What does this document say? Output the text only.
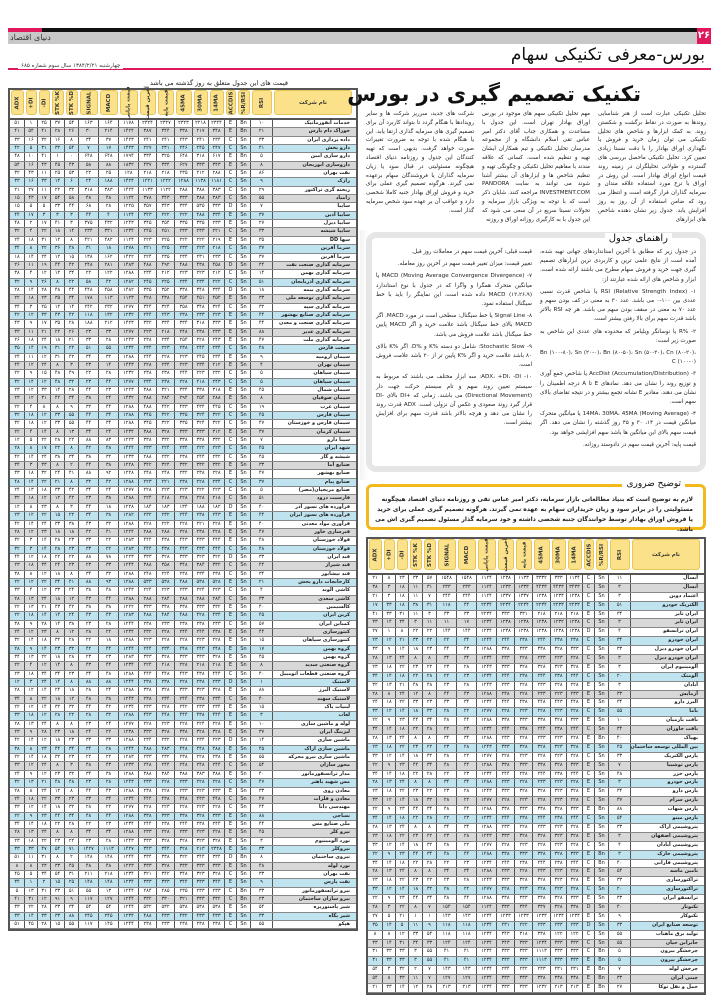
۲۶
دنیای اقتصاد
بورس-معرفی تکنیکی سهام
چهارشنبه ۱۳۸۴/۲/۲۱ سال سوم شماره ۶۸۵
قیمت های این جدول متعلق به روز گذشته می باشد
ADX +DI -DI STK %K STK %D SIGNAL	MACD	قیمت پایانی آخرین قیمت قیمت پایه 45MA 30MA 14MA ACCDIS %R/RSI RSI	نام شرکت
۵۱	۱	۲۵	۳۷	۵۴	۱۶۳	۱۶۴	۱۱۷۸	۲۳۲۴	۲۳۲۷	۲۳۲۳	۲۲۱۸	۲۳۲۴	E	Bn	۱۰	خدمات آنفورماتیک
۴۱	۵۴	۴۱	۲۸	۲۶	۳۰	۲۱۴	۱۴۲۴	۳۸۷	۳۴۴	۳۳۸	۲۱۷	۳۴۸	E	Bn	۲۱	خوراک دام پارس
۳۳	۱۶	۳۲	۱۶	۸	۳۴	۳۷	۱۴۲۳	۲۴۱	۲۴۱	۲۴۳	۲۴۱	۲۳۴	C	Sn	۳۳	داده پردازی ایران
۴۲	۵	۳۱	۳۲	۵۴	۷	۱۷	۱۴۲۳	۲۲۷	۲۳۱	۲۴۶	۲۴۵	۲۴۷	C	Sn	۴۱	دارو پخش
۴۸	۱۰	۴۱	۱	۰	۶۴۸	۶۴۸	۱۷۹۴	۳۳۴	۳۲۵	۶۴۸	۳۱۸	۶۱۷	E	Bn	۵	دارو سازی امین
۵۴	۱۶	۴۳	۴۵	۴۳	۵۸	۸۸	۱۸۳۲	۴۳۷	۳۳۴	۶۲۷	۳۳۳	۳۴۳	E	Sn	۸	داروسازی ابوریحان
۳۲	۴۳	۱۱	۲۵	۵۳	۲۲	۲۵	۱۲۸	۲۱۸	۲۱۸	۲۳۵	۲۱۲	۲۸۸	C	Sn	۸۶	نفت بهران
۳۳	۱۶	۳۳	۱۴	۶	۲۴	۱۸۸	۱۴۲۴	۱۲۲۱	۱۲۲۲	۱۲۸۸	۱۱۳۸	۱۱۸۱	C	Sn	۹	رازک
۲۱	۲۷	۱۱	۲۲	۳۲	۳۱۸	۳۸۳	۱۴۲۴	۱۱۳۳	۱۱۲۲	۲۸۸	۳۸۸	۳۸۳	C	Sn	۲۹	ریخته گری تراکتور
۱۵	۴۳	۱۷	۵۴	۵۸	۴۸	۴۸	۱۱۲۴	۳۷۸	۳۴۳	۳۳۳	۳۸۸	۳۸۳	C	Sn	۵۵	زامیاد
۱۵	۵	۵	۳۳	۴۴	۶۸	۲۸	۱۲۲۵	۳۵۷	۳۴۳	۳۳۴	۵۳۵	۳۳۳	D	Sn	۷	سایپا
۴۴	۱۷	۳	۳	۳	۴۴	۴	۱۱۲۴	۳۴۳	۲۲۲	۲۲۲	۴۸۸	۳۳۴	E	Sn	۳۷	سایپا آذین
۴۸	۲	۱۷	۴۱	۳	۳۷۵	۴۳۲	۱۲۴۳	۳۴۵	۳۵۴	۳۳۵	۳۳۵	۲۳۳	E	Sn	۲۷	سایپا دیزل
۳۲	۴	۲۲	۱۸	۱۴	۲۳۴	۳۳۱	۱۲۳۴	۲۴۵	۲۵۱	۲۳۳	۲۳۳	۲۲۱	C	Sn	۳۳	سایپا شیشه
۲۴	۱۸	۳۱	۱۲	۸	۴۲۱	۴۸۲	۱۱۲۴	۲۲۳	۲۲۵	۲۲۲	۲۲۲	۲۱۹	E	Sn	۳۵	سها DD
۳۴	۸	۲۲	۳۶	۴۸	۳۱	۱۸	۱۲۷۸	۲۲۱	۲۲۵	۲۳۳	۲۲۳	۲۱۸	C	Sn	۳۷	سرما آفرین
۱۸	۱۴	۲۴	۱۲	۱۵	۱۳۸	۱۶۲	۱۴۲۲	۲۲۴	۲۳۵	۲۳۴	۲۳۱	۲۳۳	C	Sn	۳۷	سرما آفرین
۲۶	۱۱	۱۹	۴۴	۴۲	۲۴۸	۲۸۱	۱۴۸۳	۴۸۸	۴۹۲	۴۸۸	۴۳۸	۴۵۸	D	Sn	۴۴	سرمایه گذاری صنعت نفت
۳۸	۴	۱۲	۱۲	۳۴	۲۲	۱۲۲	۱۲۸۸	۲۳۴	۲۱۲	۲۲۳	۲۲۳	۲۱۲	C	Sn	۱۴	سرمایه گذاری بهمن
۳۲	۹	۲۶	۸	۲۲	۵۸	۴۲	۱۲۸۲	۲۴۵	۲۲۵	۲۳۴	۲۳۴	۲۲۲	C	Sn	۵۱	سرمایه گذاری آذربایجان
۲۸	۱۴	۲۸	۴۸	۴۴	۴۴۸	۴۵۸	۱۴۸۲	۳۳۵	۳۵۲	۳۳۸	۳۴۸	۳۳۴	D	Sn	۱۸	سرمایه گذاری بیمه
۲۲	۱۸	۲۳	۳۵	۳۴	۱۷۸	۱۱۳	۱۱۲۳	۴۲۸	۴۳۸	۴۵۴	۴۵۱	۴۵۴	E	Sn	۳۳	سرمایه گذاری توسعه ملی
۳۴	۳	۲۵	۱۲	۱۴	۲۴۲	۲۳۲	۱۲۷۷	۳۴۴	۳۲۴	۳۵۸	۳۴۸	۳۲۴	C	Sn	۳۲	سرمایه گذاری سپه
۴۲	۱۲	۳۳	۴۳	۴۲	۱۱۸	۱۳۲	۱۲۳۲	۲۴۴	۲۴۳	۲۳۸	۲۳۳	۲۲۳	E	Sn	۴۴	سرمایه گذاری صنایع بهشهر
۴۳	۹	۱۷	۳۵	۲۸	۱۸۸	۲۱۲	۱۴۲۳	۳۳۲	۳۳۴	۳۳۴	۳۱۸	۳۳۳	E	Sn	۴۴	سرمایه گذاری صنعت و معدن
۳۳	۱۱	۲۱	۲۲	۲۶	۲۳	۳۳	۱۲۷۷	۲۲۳	۲۱۸	۲۴۸	۲۳۸	۲۳۳	E	Sn	۸۸	سرمایه گذاری غدیر
۲۶	۱۸	۲۴	۱۸	۲۱	۳۳	۲۸	۱۲۴۳	۲۳۸	۲۳۴	۲۵۴	۲۲۸	۲۴۳	E	Sn	۴۷	سرمایه گذاری ملت
۳۵	۱۴	۱۹	۳۱	۲۲	۵۱	۵۵	۱۲۳۴	۲۳۴	۲۲۳	۲۳۸	۲۴۴	۲۳۴	C	Sn	۴۸	صنعت فارس
۲۴	۱۱	۱۲	۳۱	۴۲	۳۴	۳۲	۱۲۸۸	۲۴۴	۲۲۸	۲۲۳	۲۴۵	۲۳۴	E	Sn	۹	سیمان ارومیه
۴۴	۱۲	۲۴	۸	۳	۲۳	۱۴	۱۴۴۳	۲۲۸	۲۳۴	۲۲۳	۲۳۴	۲۱۲	E	Sn	۴	سیمان تهران
۲۲	۹	۱۵	۴۸	۴۹	۲۲	۲۸	۱۲۳۲	۲۳۸	۲۳۸	۲۴۴	۲۲۳	۲۳۲	C	Sn	۵	سیمان سپاهان
۳۲	۱۴	۱۲	۴۸	۳۲	۲۳	۴۴	۱۲۷۷	۲۳۴	۲۳۸	۲۲۸	۲۱۸	۲۴۳	C	Sn	۵	سیمان سپاهان
۲۳	۱۲	۳۳	۱۴	۲۸	۴۴	۲۳	۱۲۲۳	۳۸۸	۳۲۱	۳۳۴	۳۳۸	۳۱۸	E	Sn	۴۵	سیمان شمال
۲۳	۱۲	۳۱	۴۲	۳۴	۳۸	۲۴	۱۴۳۲	۲۸۸	۲۸۴	۲۹۴	۲۵۴	۲۸۸	E	Sn	۸	سیمان صوفیان
۲۲	۴	۸	۸	۹	۳۲	۴۴	۱۲۸۸	۴۸۸	۴۴۲	۴۳۳	۴۳۴	۴۴۵	C	Sn	۱۹	سیمان غرب
۳۲	۱۸	۱۲	۳۳	۵۵	۴۴	۳۴	۱۲۸۸	۳۴۵	۳۲۲	۳۳۵	۳۲۴	۳۲۲	C	Sn	۴۵	سیمان فارس
۳۲	۱۸	۱۲	۳۳	۵۵	۴۴	۳۴	۱۲۸۸	۳۴۵	۳۲۲	۳۳۵	۳۲۴	۳۲۲	C	Sn	۴۷	سیمان فارس و خوزستان
۲۲	۴	۱۴	۸	۱۳	۳۴	۲۴	۱۲۳۴	۳۸۸	۳۲۸	۳۳۳	۳۳۳	۳۱۲	E	Sn	۳۷	سیمان کرمان
۱۲	۵	۲۲	۲۸	۲۲	۸۸	۸۳	۱۲۲۳	۳۳۸	۳۳۲	۳۳۸	۳۳۸	۳۳۲	C	Sn	۷	سینا دارو
۲۸	۸	۱۷	۲۲	۸	۴۲	۴۸	۱۴۲۴	۲۳۳	۲۲۴	۲۳۴	۲۲۲	۲۲۳	C	Sn	۴۵	شهد ایران
۴۲	۱۴	۲۴	۳۸	۳۴	۳۸	۳۲	۱۲۳۳	۲۸۸	۲۳۲	۲۳۸	۲۴۴	۲۳۲	C	Sn	۴۵	شیشه و گاز
۳۴	۳	۳۳	۸	۲	۴۴	۳۸	۱۲۲۸	۳۴۲	۳۲۴	۳۳۲	۳۳۲	۳۳۲	E	Sn	۳۳	صنایع آما
۳۳	۱۸	۳۲	۲۴	۴۱	۸۸	۹۲	۱۲۲۸	۲۴۸	۲۴۸	۲۳۲	۲۳۸	۲۲۸	E	Sn	۴۷	صنایع بهشهر
۴۸	۱۴	۲۲	۲۱	۸	۳۲	۴۲	۱۲۸۸	۲۲۳	۲۲۱	۲۳۸	۲۲۸	۲۳۴	C	Sn	۳۷	صنایع پیام
۲۴	۱۳	۱۸	۳۳	۴۲	۳۴	۲۴	۱۲۷۷	۲۲۸	۲۲۳	۲۲۳	۲۲۲	۲۲۳	C	Sn	۵	صنایع مریخیان(مصر)
۳۲	۱۸	۱۲	۱۲	۴۲	۲۳	۳۸	۱۲۸۸	۲۲۴	۲۱۸	۲۲۸	۲۲۸	۲۱۸	C	Sn	۵۱	فارسیت درود
۱۲	۸	۲۳	۸	۳	۴۴	۱۸	۱۲۲۸	۱۸۴	۱۸۳	۱۳۴	۱۸۸	۱۸۲	D	Sn	۴۰	فرآورده های نسوز آذر
۲۳	۱۲	۲۲	۱۵	۲۲	۳۴	۳۸	۱۲۸۲	۲۳۲	۲۳۲	۲۴۴	۲۳۸	۲۴۳	E	Sn	۴۴	فرآورده های نسوز ایران
۴۲	۱۴	۲۴	۳۳	۳۸	۴۳	۳۲	۱۲۸۸	۲۲۸	۲۲۲	۲۲۸	۲۲۱	۲۲۸	E	Sn	۴۰	فرآوری مواد معدنی
۲۸	۱۲	۲۳	۱۸	۱۸	۴۲	۴۱	۱۲۲۴	۲۸۸	۲۸۸	۲۲۸	۲۳۸	۲۲۸	E	Sn	۴۷	فنرسازی خاور
۳۲	۳	۱۴	۲۸	۲۳	۳۳	۲۲	۱۲۸۳	۴۴۴	۴۳۸	۴۴۳	۴۳۳	۴۴۴	E	Sn	۴۸	فولاد خوزستان
۳۲	۳	۱۴	۲۸	۲۳	۳۳	۲۲	۱۲۸۳	۴۴۴	۴۳۸	۴۴۳	۴۳۳	۴۴۴	C	Sn	۴۸	فولاد خوزستان
۴۴	۱۲	۱۸	۲۲	۲۲	۸۸	۷۸	۱۲۲۳	۳۳۳	۳۲۸	۳۳۳	۳۲۳	۳۲۲	D	Sn	۳۳	قند ایران
۲۳	۱۸	۳۴	۲۴	۲۳	۲۳	۳۳	۱۲۴۴	۳۸۸	۳۵۸	۳۴۸	۳۸۴	۳۳۲	C	Sn	۴۴	قند شیراز
۳۸	۸	۱۲	۱۸	۸	۳۴	۳۲	۱۲۸۸	۲۴۸	۲۲۴	۲۳۸	۲۳۴	۲۳۸	C	Sn	۳۴	قند نیشابور
۲۲	۱۲	۲۲	۳۴	۴۱	۸۸	۹۳	۱۲۸۸	۵۳۳	۵۳۸	۴۸۸	۵۳۸	۵۲۸	E	Sn	۲۱	کارخانجات دارو پخش
۳۳	۴	۱۲	۳۳	۲۴	۳۸	۴۸	۱۲۴۳	۲۲۴	۲۲۳	۲۳۳	۲۲۴	۲۲۳	C	Sn	۴	کاشی الوند
۲۸	۱۳	۲۴	۱۸	۱۲	۴۳	۴۴	۱۲۸۸	۲۸۸	۲۸۴	۲۸۸	۲۸۸	۲۸۴	C	Sn	۳۳	کاشی سعدی
۲۲	۱۳	۲۱	۴۳	۴۲	۳۸	۳۸	۱۲۲۲	۳۳۳	۳۳۸	۳۳۸	۳۳۳	۳۳۲	E	Sn	۴۰	کالسیمین
۲۲	۱۸	۱۴	۱۴	۲۴	۴۳	۴۳	۱۲۸۳	۴۸۸	۴۸۴	۴۸۸	۴۲۸	۴۳۴	E	Sn	۴۵	کربن ایران
۳۸	۹	۲۸	۱۴	۳۸	۲۳	۲۸	۱۲۴۴	۲۳۸	۲۳۳	۲۳۸	۲۳۸	۲۳۳	C	Sn	۵۷	کمباین ایران
۲۴	۱۲	۲۳	۸	۱۲	۲۸	۲۲	۱۲۳۴	۲۳۲	۲۲۸	۲۴۴	۲۴۴	۲۳۸	E	Sn	۴۴	کنتورسازی
۳۲	۱۴	۱۸	۳۲	۲۸	۲۲	۱۸	۱۲۸۸	۲۲۳	۲۲۸	۲۲۸	۲۲۳	۲۲۸	E	Sn	۱۵	کنتورسازی سپاهان
۲۸	۹	۱۴	۲۳	۳۲	۴۲	۴۴	۱۲۴۴	۲۴۴	۲۳۴	۲۴۸	۲۴۳	۲۴۸	E	Sn	۱۷	گروه بهمن
۳۴	۱۳	۲۲	۱۸	۲۸	۲۳	۲۳	۱۲۸۳	۳۳۳	۳۲۸	۳۳۳	۳۳۳	۳۲۸	E	Sn	۴۵	گروه بهمن
۲۲	۴	۱۲	۱۴	۸	۴۳	۴۴	۱۲۳۴	۲۲۴	۲۱۸	۲۲۸	۲۱۸	۲۱۸	E	Sn	۸	گروه صنعتی سدید
۲۳	۱۸	۳۴	۳۴	۲۳	۳۴	۴۸	۱۲۸۸	۴۴۴	۴۴۸	۴۴۳	۴۳۸	۴۴۴	C	Sn	۴۰	گروه صنعتی قطعات اتومبیل
۱۲	۳	۲۴	۱۴	۸	۸۸	۸۸	۱۲۴۴	۲۳۸	۲۳۸	۲۲۸	۲۳۸	۲۳۳	D	Sn	۱	لاستیک
۲۸	۱۲	۱۴	۲۴	۱۸	۲۸	۲۴	۱۲۸۸	۳۳۸	۳۲۸	۳۳۳	۳۲۳	۳۲۸	E	Sn	۸۸	لاستیک البرز
۳۴	۸	۲۲	۱۸	۱۲	۴۸	۳۸	۱۲۴۳	۲۳۸	۲۳۴	۲۴۴	۲۳۸	۲۳۴	C	Sn	۴۰	لاستیک سهند
۲۲	۱۲	۱۴	۳۲	۳۲	۴۴	۴۲	۱۲۳۴	۲۳۳	۲۲۸	۲۴۲	۲۳۳	۲۳۴	E	Sn	۱۵	لبنیات پاک
۳۳	۱۸	۱۲	۲۸	۲۲	۲۸	۳۲	۱۲۸۸	۴۴۳	۴۴۸	۴۴۴	۴۳۸	۴۴۴	E	Sn	۳	لعاب
۲۸	۱۳	۲۴	۸	۸	۲۳	۲۴	۱۲۷۷	۲۲۸	۲۲۳	۲۲۸	۲۲۴	۲۲۸	E	Sn	۱۰	لوله و ماشین سازی
۲۳	۹	۲۸	۲۳	۱۸	۲۴	۲۲	۱۲۳۸	۳۳۳	۳۲۸	۳۳۸	۳۲۸	۳۲۸	E	Sn	۳۷	لیزینگ ایران
۴۲	۱۴	۱۲	۱۸	۲۳	۳۳	۳۳	۱۲۸۸	۲۳۴	۲۳۲	۲۲۸	۲۳۴	۲۲۳	D	Sn	۱۴	ماشین سازی
۳۸	۸	۲۳	۴۴	۳۴	۳۴	۲۸	۱۲۴۴	۴۸۸	۴۸۳	۴۴۸	۴۴۸	۴۸۸	E	Sn	۴۵	ماشین سازی اراک
۲۲	۱۴	۱۸	۳۲	۲۳	۲۲	۲۲	۱۲۸۳	۲۳۳	۲۳۲	۲۳۸	۲۲۸	۲۳۸	E	Sn	۵۵	ماشین سازی نیرو محرکه
۳۳	۱۲	۲۴	۸	۳	۴۸	۴۳	۱۲۳۳	۲۴۸	۲۴۴	۲۴۸	۲۴۸	۲۴۴	C	Sn	۵۴	محور سازان
۲۴	۹	۱۲	۲۳	۳۲	۳۴	۳۸	۱۲۸۸	۳۸۸	۳۸۴	۳۸۸	۳۸۳	۳۸۸	E	Sn	۴۰	مدار ترانسفورماتور
۳۲	۱۳	۲۱	۴۸	۴۸	۲۳	۲۸	۱۲۴۳	۲۳۳	۲۲۸	۲۳۳	۲۲۸	۲۲۸	C	Sn	۴۷	مس شهید باهنر
۲۸	۸	۲۴	۱۲	۸	۴۴	۴۳	۱۲۸۸	۲۳۸	۲۲۸	۲۳۳	۲۲۳	۲۳۳	E	Sn	۳۳	معادن روی
۲۴	۱۸	۲۲	۳۳	۲۳	۳۳	۳۴	۱۲۳۴	۴۴۴	۴۳۸	۴۴۸	۴۴۳	۴۴۸	C	Sn	۴۷	معادن و فلزات
۳۳	۱۲	۱۴	۱۸	۳۲	۲۸	۲۲	۱۲۷۷	۲۲۸	۲۲۳	۲۲۸	۲۲۳	۲۲۸	C	Sn	۴۴	مهندسی دانا
۲۲	۹	۲۳	۴۴	۳۴	۴۸	۴۴	۱۲۸۸	۳۳۸	۳۳۳	۳۳۸	۳۲۸	۳۳۳	E	Sn	۸۸	نساجی
۳۴	۱۴	۱۸	۲۲	۲۸	۲۲	۲۳	۱۲۳۴	۲۴۴	۲۳۸	۲۴۴	۲۳۸	۲۴۴	E	Sn	۴۴	ملی صنایع مس
۲۸	۱۳	۲۴	۸	۸	۳۴	۳۴	۱۲۸۸	۲۳۳	۲۲۸	۲۳۳	۲۲۳	۲۲۸	E	Sn	۴۵	نیرو کلر
۲۳	۱۸	۲۲	۲۳	۲۲	۲۳	۲۸	۱۲۴۳	۳۳۳	۳۲۸	۳۲۸	۳۲۳	۳۲۸	E	Sn	۳	نورد الومینیوم
۳۳	۳۳	۴۷	۵۴	۷۱	۱۴۲۷	۱۱۱۳	۱۴۲۷	۳۴۳	۳۴۴	۳۲۸	۲۱۳	۲۳۲۸	E	Sn	۳۳	نیروکلر
۵۱	۱۱	۳۱	۸	۲	۱۴۸	۱۴۸	۱۲۴۴	۳۳۴	۳۳۸	۳۲۲	۳۴۴	۳۳۴	D	Bn	۸	نیروی ساختمان
۸	۸	۲۳	۳۳	۴۵	۴۸	۴۸	۱۲۲۳	۳۳۳	۳۲۸	۳۳۳	۳۳۳	۳۳۳	E	Sn	۴۸	نورد لوله
۴۵	۵	۳۴	۵۴	۳۱	۲۱۱	۲۱۸	۱۲۳۴	۳۲۱	۳۴۲	۳۴۸	۳۲۳	۳۲۸	C	Sn	۳۳	نفت بهران
۳۴	۱	۲	۱۵	۲۵	۱۴۸	۱۴۸	۱۲۳۴	۳۳۳	۳۳۳	۳۴۴	۳۳۳	۳۴۴	E	Sn	۹	نفت پارس
۵	۱۳	۳۱	۳۳	۵۱	۵۵	۱۳	۱۲۴۴	۲۸۴	۲۸۵	۲۳۵	۲۳۳	۲۳۳	C	Bn	۳۳	نیرو ترانسفورماتور
۴۱	۳۱	۱۲	۹۱	۹	۱۱۷	۱۲۷	۱۲۴۴	۳۳۲	۳۳۰	۳۲۱	۳۳۳	۳۳۲	C	Bn	۲۳	نیرو سازان ساختمان
۳۳	۲۲	۲۸	۳۳	۳۴	۵۴	۵۴	۱۲۴۴	۵۳۲	۵۳۲	۵۳۸	۵۳۸	۵۳۸	E	Sn	۵۴	شیر پاستوریزه
۳۳	۱۴	۳۳	۳۳	۸۸	۲۴۵	۲۴۵	۱۲۳۴	۴۸۸	۴۳۳	۴۳۲	۴۳۳	۴۳۳	E	Sn	۳۳	شیر پگاه
۵۱	۴۵	۲۸	۱۵	۵۵	۱۱۷	۱۴۵	۱۲۴۴	۲۳۸	۲۳۳	۲۳۸	۲۳۸	۲۳۸	C	Sn	۵۵	هپکو
تکنیک تصمیم گیری در بورس
تحلیل تکنیکی عبارت است از هنر شناسایی روندها به صورت در نقاط برگشت و شکستن روند. به کمک ابزارها و شاخص های تحلیل تکنیکی می توان زمان خرید و فروش یا نگهداری اوراق بهادار را با دقت نسبتا زیادی تعیین کرد. تحلیل تکنیکی ماحصل بررسی های گسترده و طولانی تحلیلگران در زمینه روند قیمت انواع اوراق بهادار است. این روش در اوراق با نرخ مورد استفاده علاقه مندان و سرمایه گذاران قرار گرفته است و انتظار می رود که ضامن استفاده از آن روز به روز افزایش یابد. جدول زیر نشان دهنده شاخص های ابزارهای
مهم تحلیل تکنیکی سهم های موجود در بورس اوراق بهادار تهران است. این جدول با مساعدت و همکاری جناب آقای دکتر امیر عباس تقی اسلام دانشگاه و از مجموعه مدرسان تحلیل تکنیکی و تیم همکاران ایشان تهیه و تنظیم شده است. کسانی که علاقه مندند با مفاهیم تحلیل تکنیکی و چگونگی تهیه و تنظیم شاخص ها و ابزارهای آن بیشتر آشنا شوند می توانند به سایت PANDORA INVESTMENT.COM مراجعه کنند. شایان ذکر است که با توجه به ویژگی بازار سرمایه و تحولات نسبتا سریع در آن سعی می شود که این جدول با به کارگیری روزانه اوراق و روزنه
شرکت های جدید، سرریز شرکت ها و سایر رویدادها با هنگام گردد تا بتواند کاربرد آن برای تصمیم گیری های سرمایه گذاری ارتقا یابد. این یا هنگام شده با توجه به ضرورت تغییرات صورت خواهد گرفت. بدیهی است که تهیه کنندگان این جدول و روزنامه دنیای اقتصاد هیچگونه مسئولیتی در قبال سود یا زیان سرمایه گذاران یا فروشندگان سهام برعهده نمی گیرند. هرگونه تصمیم گیری عملی برای خرید و فروش اوراق بهادار جنبه کاملا شخصی دارد و عواقب آن بر عهده سود شخص سرمایه گذار است.
راهنمای جدول

در جدول زیر که مطابق با آخرین استانداردهای جهانی تهیه شده، آمده است از نتایج علمی ترین و کاربردی ترین ابزارهای تصمیم گیری جهت خرید و فروش سهام مطرح می باشند ارائه شده است. ابزار و شاخص های ارائه شده عبارتند از:

۱- RSI (Relative Strength Index) یا شاخص قدرت نسبی عددی بین ۱۰۰-۰ می باشد. عدد ۳۰ به معنی در کف بودن سهم و عدد ۷۰ به معنی در سقف بودن سهم می باشد. هر چه RSI بالاتر باشد قدرت سهم برای بالا رفتن بیشتر است.

۲- %R یا نوسانگر ویلیامز که محدوده های عددی این شاخص به صورت زیر است:

Bn (۱۰۰-۸۰)، Sn (۲۰-۰)، Bn (۸۰-۵۰)، Sn (۵۰-۲۰)، Cn (۸۰-۲۰)، C (۱۰۰-۰)

۳- AccDist (Accumulation/Distribution) یا شاخص جمع آوری و توزیع روند را نشان می دهد. نمادهای E تا A درجه اطمینان را نشان می دهند. مقادیر E نشانه تجمع بیشتر و در نتیجه تقاضای بالای سهم است.

۴- 14MA، 30MA، 45MA (Moving Average) یا میانگین متحرک میانگین قیمت در ۱۴، ۳۰ و ۴۵ روز گذشته را نشان می دهد. اگر قیمت سهم بالای این میانگین ها باشد سهم افزایشی خواهد بود.

قیمت پایه: آخرین قیمت سهم در دادوستد روزانه.

قیمت قبلی: آخرین قیمت سهم در معاملات روز قبل.

تغییر قیمت: میزان تغییر قیمت سهم در آخرین روز معامله.

۷- MACD (Moving Average Convergence Divergence) یا میانگین متحرک همگرا و واگرا که در جدول با نوع استاندارد (۱۲،۲۶،۹) MACD داده شده است. این نماینگر را باید با خط سیگنال استفاده نمود.

۸- Signal Line یا خط سیگنال: سطحی است در مورد MACD. اگر MACD بالای خط سیگنال باشد علامت خرید و اگر MACD پایین خط سیگنال باشد علامت فروش می باشد.

۹- Stochastic Slow: شامل دو دسته %K و %D. اگر %K بالای ۸۰ باشد علامت خرید و اگر %K پایین تر از ۲۰ باشد علامت فروش است.

۱۰- ADX، +DI، -DI: سه ابزار مختلف می باشند که مربوط به سیستم تعیین روند سهم و تام سیستم حرکت جهت دار (Directional Movement) می باشند. زمانی که +DI بالای -DI قرار گیرد روند صعودی و عکس آن نزولی است. ADX قدرت روند را نشان می دهد و هرچه بالاتر باشد قدرت سهم برای افزایش بیشتر است.

توضیح ضروری
لازم به توضیح است که بنیاد مطالعاتی بازار سرمایه، دکتر امیر عباس تقی و روزنامه دنیای اقتصاد هیچگونه مسئولیتی را در برابر سود و زیان خریداران سهام به عهده نمی گیرند. هرگونه تصمیم گیری عملی برای خرید یا فروش اوراق بهادار توسط خوانندگان جنبه شخصی داشته و خود سرمایه گذار مسئول تصمیم گیری اش می باشد.
ADX +DI -DI STK %K STK %D SIGNAL	MACD	قیمت پایانی آخرین قیمت قیمت پایه 45MA 30MA 14MA ACCDIS %R/RSI RSI	نام شرکت
۲۱	۸	۲۳	۳۳	۵۷	۱۵۴۸	۱۵۴۸	۱۱۲۴	۱۲۳۸	۱۱۳۳	۳۳۳۲	۳۳۳	۱۱۳۴	C	Sn	۱۱	آبسال
۳۸	۳	۱۸	۱۱	۳۱	۲۳۳	۲۳۳	۱۱۲۴	۱۲۳۳	۱۳۳۳	۴۴۳۳	۴۴۳۳	۳۴۳۳	C	Sn	۳	آبسال
۲۱	۳	۱۸	۱۱	۷	۲۴۴	۲۴۴	۱۱۲۴	۱۳۳۷	۱۳۳۷	۱۲۳۸	۱۲۳۳	۱۲۳۸	C	Sn	۳	اعتماد دوین
۱۷	۳۳	۱۸	۳۸	۳۱	۱۱۸	۴۴	۲۲۳۴	۲۲۳۴	۲۲۳۴	۲۲۳۴	۲۲۳۳	۲۲۳۳	E	Sn	۵۱	الکتریک خودرو
۴۱	۳۳	۳۱	۱۱	۳	۳۳	۳۳	۲۲۳۴	۳۳۳	۳۳۱	۲۱۸	۲۱۸	۲۱۸	E	Sn	۳۴	ایران تایر
۳۳	۱۴	۳۴	۳	۱۱	۱۱	۱۷	۱۲۳۴	۱۲۳۸	۱۲۳۸	۱۲۳۸	۱۲۳۲	۱۲۳۸	C	Sn	۳	ایران تایر
۲۷	۱	۸	۲۲	۲۲	۱۴۴	۱۴۴	۱۲۳۴	۱۲۳۸	۱۲۳۸	۱۲۳۸	۱۲۳۸	۱۲۳۸	D	Sn	۴	ایران ترانسفو
۲۳	۱۲	۲۱	۳۳	۲۲	۲۲	۳۴	۱۲۴۴	۲۴۴	۲۳۸	۲۴۴	۲۳۸	۲۳۸	C	Sn	۳۴	ایران خودرو
۳۳	۹	۱۴	۱۸	۲۳	۴۴	۴۳	۱۲۸۸	۳۳۸	۳۳۳	۳۳۸	۳۲۸	۳۳۳	C	Sn	۳۳	ایران خودرو دیزل
۲۸	۱۳	۲۴	۸	۸	۳۴	۳۴	۱۲۳۴	۲۳۳	۲۲۸	۲۳۳	۲۲۳	۲۲۸	C	Sn	۳	ایران خودرو دیزل
۲۳	۱۸	۲۲	۲۳	۲۲	۲۳	۲۸	۱۲۴۳	۳۳۳	۳۲۸	۳۲۸	۳۲۳	۳۲۸	E	Sn	۳	آلومینیوم ایران
۳۴	۱۴	۱۸	۲۲	۲۸	۲۲	۲۳	۱۲۳۴	۲۴۴	۲۳۸	۲۴۴	۲۳۸	۲۴۴	C	Sn	۲۰	آلومتک
۳۲	۱۳	۲۱	۴۸	۴۸	۲۳	۲۸	۱۲۴۳	۲۳۳	۲۲۸	۲۳۳	۲۲۸	۲۲۸	E	Sn	۳	آبادان
۲۸	۸	۲۴	۱۲	۸	۴۴	۴۳	۱۲۸۸	۲۳۸	۲۲۸	۲۳۳	۲۲۳	۲۳۳	E	Sn	۳۳	آزمایش
۲۴	۱۸	۲۲	۳۳	۲۳	۳۳	۳۴	۱۲۳۴	۴۴۴	۴۳۸	۴۴۸	۴۴۳	۴۴۸	E	Sn	۳۴	البرز دارو
۳۳	۱۲	۱۴	۱۸	۳۲	۲۸	۲۲	۱۲۷۷	۲۲۸	۲۲۳	۲۲۸	۲۲۳	۲۲۸	C	Sn	۵۵	باما
۲۲	۹	۲۳	۴۴	۳۴	۴۸	۴۴	۱۲۸۸	۳۳۸	۳۳۳	۳۳۸	۳۲۸	۳۳۳	E	Sn	۱۰	بافت بارمیان
۳۴	۱۴	۱۸	۲۲	۲۸	۲۲	۲۳	۱۲۳۴	۲۴۴	۲۳۸	۲۴۴	۲۳۸	۲۴۴	C	Sn	۳۴	بافت خاوران
۲۸	۱۳	۲۴	۸	۸	۳۴	۳۴	۱۲۸۸	۲۳۳	۲۲۸	۲۳۳	۲۲۳	۲۲۸	E	Bn	۴۰	بهپاک
۲۳	۱۸	۲۲	۲۳	۲۲	۲۳	۲۸	۱۲۴۳	۳۳۳	۳۲۸	۳۲۸	۳۲۳	۳۲۸	E	Sn	۴۵	بین المللی توسعه ساختمان
۳۳	۱۲	۱۴	۱۸	۳۲	۲۸	۲۲	۱۲۷۷	۲۲۸	۲۲۳	۲۲۸	۲۲۳	۲۲۸	C	Sn	۳۳	پارس الکتریک
۲۲	۹	۲۳	۴۴	۳۴	۴۸	۴۴	۱۲۸۸	۳۳۸	۳۳۳	۳۳۸	۳۲۸	۳۳۳	E	Sn	۷	پارس توشیبا
۳۴	۱۴	۱۸	۲۲	۲۸	۲۲	۲۳	۱۲۳۴	۲۴۴	۲۳۸	۲۴۴	۲۳۸	۲۴۴	C	Sn	۴۸	پارس خزر
۲۸	۱۳	۲۴	۸	۸	۳۴	۳۴	۱۲۸۸	۲۳۳	۲۲۸	۲۳۳	۲۲۳	۲۲۸	E	Sn	۳	پارس خودرو
۲۳	۱۸	۲۲	۲۳	۲۲	۲۳	۲۸	۱۲۴۳	۳۳۳	۳۲۸	۳۲۸	۳۲۳	۳۲۸	E	Sn	۳۴	پارس دارو
۳۳	۱۲	۱۴	۱۸	۳۲	۲۸	۲۲	۱۲۷۷	۲۲۸	۲۲۳	۲۲۸	۲۲۳	۲۲۸	C	Sn	۳۷	پارس سرام
۲۲	۹	۲۳	۴۴	۳۴	۴۸	۴۴	۱۲۸۸	۳۳۸	۳۳۳	۳۳۸	۳۲۸	۳۳۳	E	Bn	۸۸	پارس شهاب
۳۴	۱۴	۱۸	۲۲	۲۸	۲۲	۲۳	۱۲۳۴	۲۴۴	۲۳۸	۲۴۴	۲۳۸	۲۴۴	C	Sn	۵۴	پارس مینو
۲۸	۱۳	۲۴	۸	۸	۳۴	۳۴	۱۲۸۸	۲۳۳	۲۲۸	۲۳۳	۲۲۳	۲۲۸	E	Sn	۳۳	پتروشیمی اراک
۲۳	۱۸	۲۲	۲۳	۲۲	۲۳	۲۸	۱۲۴۳	۳۳۳	۳۲۸	۳۲۸	۳۲۳	۳۲۸	E	Sn	۳	پتروشیمی اصفهان
۳۳	۱۲	۱۴	۱۸	۳۲	۲۸	۲۲	۱۲۷۷	۲۲۸	۲۲۳	۲۲۸	۲۲۳	۲۲۸	C	Sn	۴	پتروشیمی آبادان
۲۲	۹	۲۳	۴۴	۳۴	۴۸	۴۴	۱۲۸۸	۳۳۸	۳۳۳	۳۳۸	۳۲۸	۳۳۳	E	Bn	۳	پتروشیمی خارک
۳۴	۱۴	۱۸	۲۲	۲۸	۲۲	۲۳	۱۲۳۴	۲۴۴	۲۳۸	۲۴۴	۲۳۸	۲۴۴	C	Bn	۴۰	پتروشیمی فارابی
۲۸	۱۳	۲۴	۸	۸	۳۴	۳۴	۱۲۸۸	۲۳۳	۲۲۸	۲۳۳	۲۲۳	۲۲۸	E	Sn	۵۴	تامین ماسه
۲۳	۱۸	۲۲	۲۳	۲۲	۲۳	۲۸	۱۲۴۳	۳۳۳	۳۲۸	۳۲۸	۳۲۳	۳۲۸	E	Sn	۳۳	تراکتورسازی
۳۳	۱۲	۱۴	۱۸	۳۲	۲۸	۲۲	۱۲۷۷	۲۲۸	۲۲۳	۲۲۸	۲۲۳	۲۲۸	C	Sn	۲۰	تراکتورسازی
۲۲	۹	۲۳	۴۴	۳۴	۴۸	۴۴	۱۲۸۸	۳۳۸	۳۳۳	۳۳۸	۳۲۸	۳۳۳	E	Sn	۳۳	ترانسفو ایران
۲۸	۳	۲۲	۸	۷	۱۵۴	۱۵۴	۱۱۲۴	۳۳۳	۳۴۴	۳۳۷	۳۲۸	۳۳۸	D	Sn	۴۰	تکنوتار
۲۷	۵	۲۱	۱	۱	۱۴۳	۱۴۳	۱۲۳۴	۱۲۳۳	۱۲۳۳	۱۲۳۳	۱۲۳۳	۱۲۳۳	E	Sn	۹	تکنوکار
۳۵	۱۴	۵	۱۱	۹	۱۱۸	۱۱۸	۱۲۳۴	۲۳۱	۲۲۲	۲۳۳	۲۳۳	۲۳۳	D	Sn	۳۳	توسعه صنایع ایران
۸	۸	۱۲	۳۳	۵۴	۱۱۸	۱۱۸	۱۲۳۴	۳۴۳	۳۱۸	۳۳۸	۱۲۲	۱۲۲	C	Sn	۵۵	تولید برق ماهتاب
۳۳	۱۴	۳۱	۳۴	۳۳	۱۲۴	۱۲۴	۱۲۳۴	۳۴۳	۳۳۳	۱۲۳۴	۳۳۳	۳۳۳	C	Sn	۵۵	جابرابن حیان
۳۱	۳۳	۳۳	۳	۵۵	۴۱	۴۱	۱۲۳۴	۳۳۳	۳۳۳	۱۱۱۳	۳۳۳	۳۳۳	C	Bn	۵	چرخشگر بیرون
۳۱	۳۳	۳۳	۳	۵۵	۴۱	۴۱	۱۲۳۴	۳۳۳	۳۳۳	۱۱۱۳	۳۳۳	۳۳۳	E	Bn	۵	چرخشگر بیرون
۵۴	۳	۳۲	۲	۷	۱۴۳	۱۴۳	۱۲۳۴	۲۳۴	۲۳۲	۲۳۳	۲۳۱	۲۳۱	E	Bn	۷	چرخش لوله
۵۴	۸	۳۳	۱۱	۷	۱۲۷	۱۲۷	۱۲۳۴	۳۳۳	۳۳۳	۳۳۸	۳۳۸	۳۳۸	E	Bn	۳۳	چینی ایران
۲۱	۳۳	۱۴	۱۲	۲۸	۲۱۳	۲۱۳	۱۲۳۴	۳۳۳	۳۳۳	۱۲۳۲	۲۱۳	۲۱۳	E	Bn	۲۷	حمل و نقل توکا
